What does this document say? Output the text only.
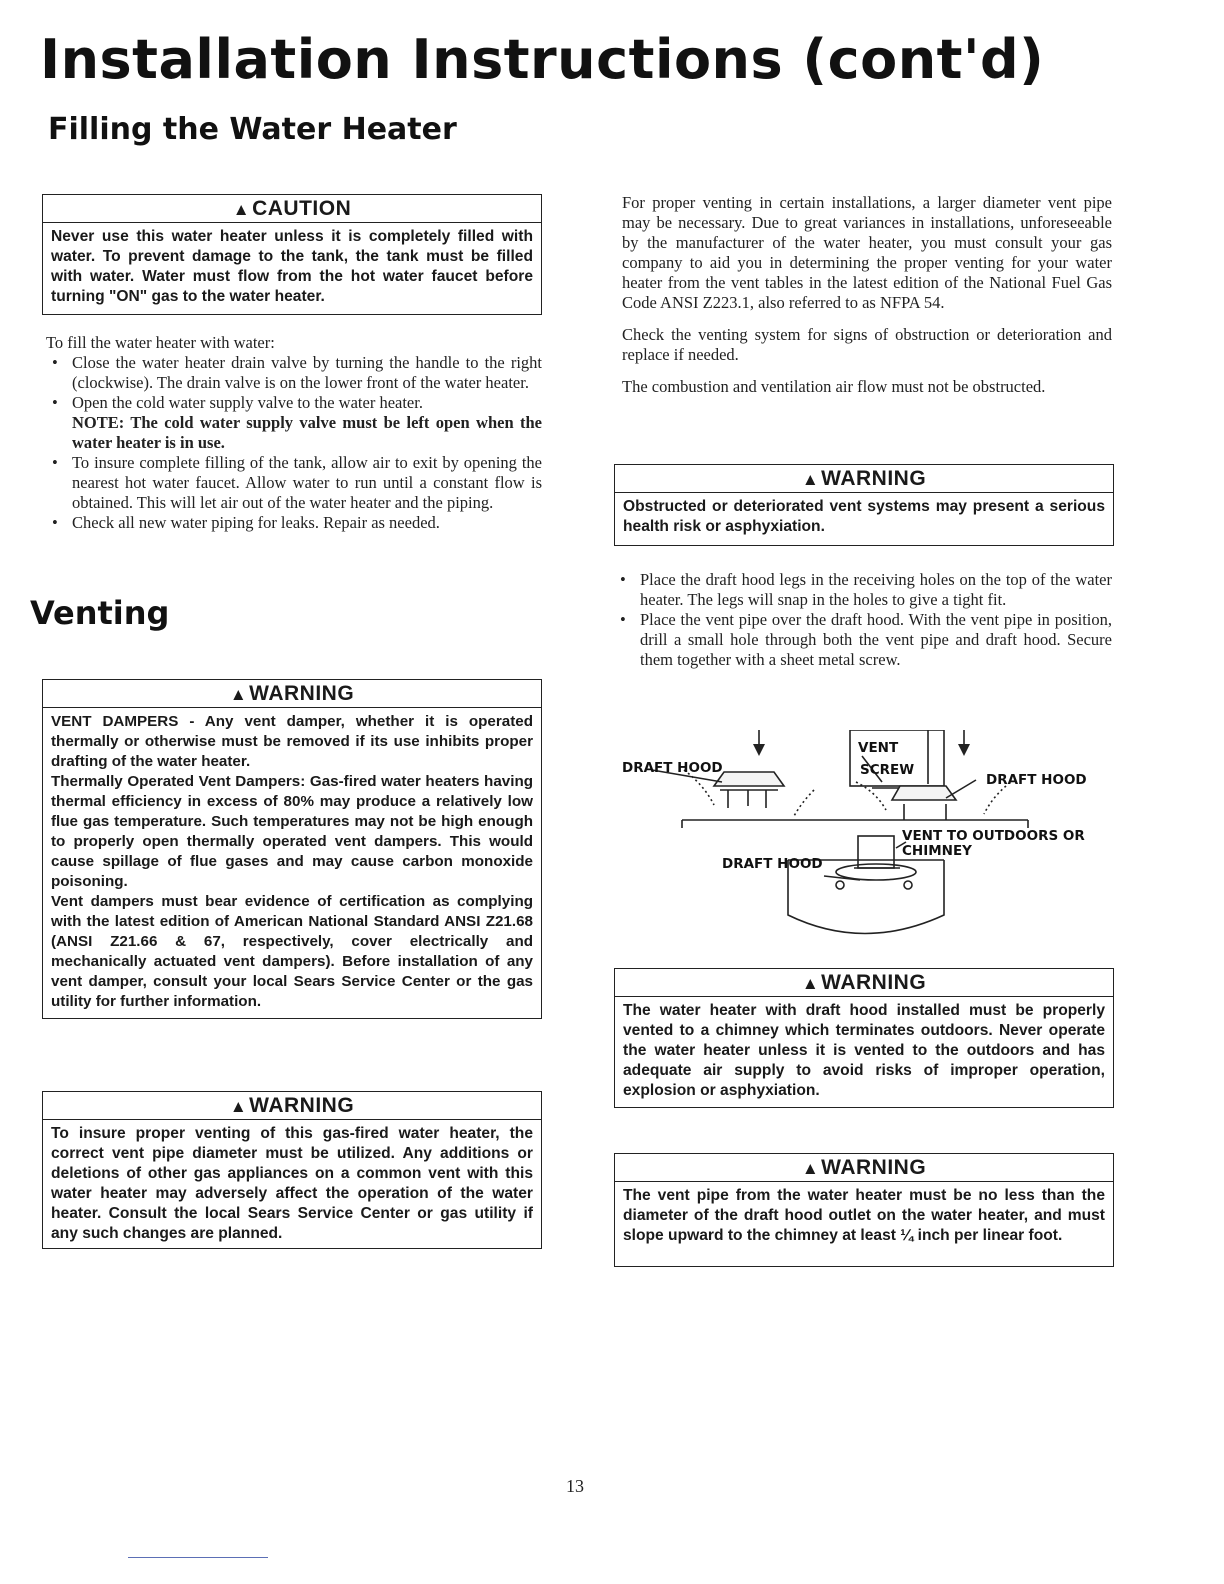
Installation Instructions (cont'd)
Filling the Water Heater
▲CAUTION
Never use this water heater unless it is completely filled with water. To prevent damage to the tank, the tank must be filled with water. Water must flow from the hot water faucet before turning "ON" gas to the water heater.
To fill the water heater with water:
• Close the water heater drain valve by turning the handle to the right (clockwise). The drain valve is on the lower front of the water heater.
• Open the cold water supply valve to the water heater.
NOTE: The cold water supply valve must be left open when the water heater is in use.
• To insure complete filling of the tank, allow air to exit by opening the nearest hot water faucet. Allow water to run until a constant flow is obtained. This will let air out of the water heater and the piping.
• Check all new water piping for leaks. Repair as needed.
Venting
▲WARNING

VENT DAMPERS - Any vent damper, whether it is operated thermally or otherwise must be removed if its use inhibits proper drafting of the water heater.

Thermally Operated Vent Dampers: Gas-fired water heaters having thermal efficiency in excess of 80% may produce a relatively low flue gas temperature. Such temperatures may not be high enough to properly open thermally operated vent dampers. This would cause spillage of flue gases and may cause carbon monoxide poisoning.

Vent dampers must bear evidence of certification as complying with the latest edition of American National Standard ANSI Z21.68 (ANSI Z21.66 & 67, respectively, cover electrically and mechanically actuated vent dampers). Before installation of any vent damper, consult your local Sears Service Center or the gas utility for further information.

▲WARNING
To insure proper venting of this gas-fired water heater, the correct vent pipe diameter must be utilized. Any additions or deletions of other gas appliances on a common vent with this water heater may adversely affect the operation of the water heater. Consult the local Sears Service Center or gas utility if any such changes are planned.

For proper venting in certain installations, a larger diameter vent pipe may be necessary. Due to great variances in installations, unforeseeable by the manufacturer of the water heater, you must consult your gas company to aid you in determining the proper venting for your water heater from the vent tables in the latest edition of the National Fuel Gas Code ANSI Z223.1, also referred to as NFPA 54.

Check the venting system for signs of obstruction or deterioration and replace if needed.

The combustion and ventilation air flow must not be obstructed.

▲WARNING
Obstructed or deteriorated vent systems may present a serious health risk or asphyxiation.
• Place the draft hood legs in the receiving holes on the top of the water heater. The legs will snap in the holes to give a tight fit.
• Place the vent pipe over the draft hood. With the vent pipe in position, drill a small hole through both the vent pipe and draft hood. Secure them together with a sheet metal screw.
DRAFT HOOD
VENT
SCREW
DRAFT HOOD
VENT TO OUTDOORS OR
CHIMNEY
DRAFT HOOD
▲WARNING
The water heater with draft hood installed must be properly vented to a chimney which terminates outdoors. Never operate the water heater unless it is vented to the outdoors and has adequate air supply to avoid risks of improper operation, explosion or asphyxiation.
▲WARNING
The vent pipe from the water heater must be no less than the diameter of the draft hood outlet on the water heater, and must slope upward to the chimney at least ¼ inch per linear foot.
13
